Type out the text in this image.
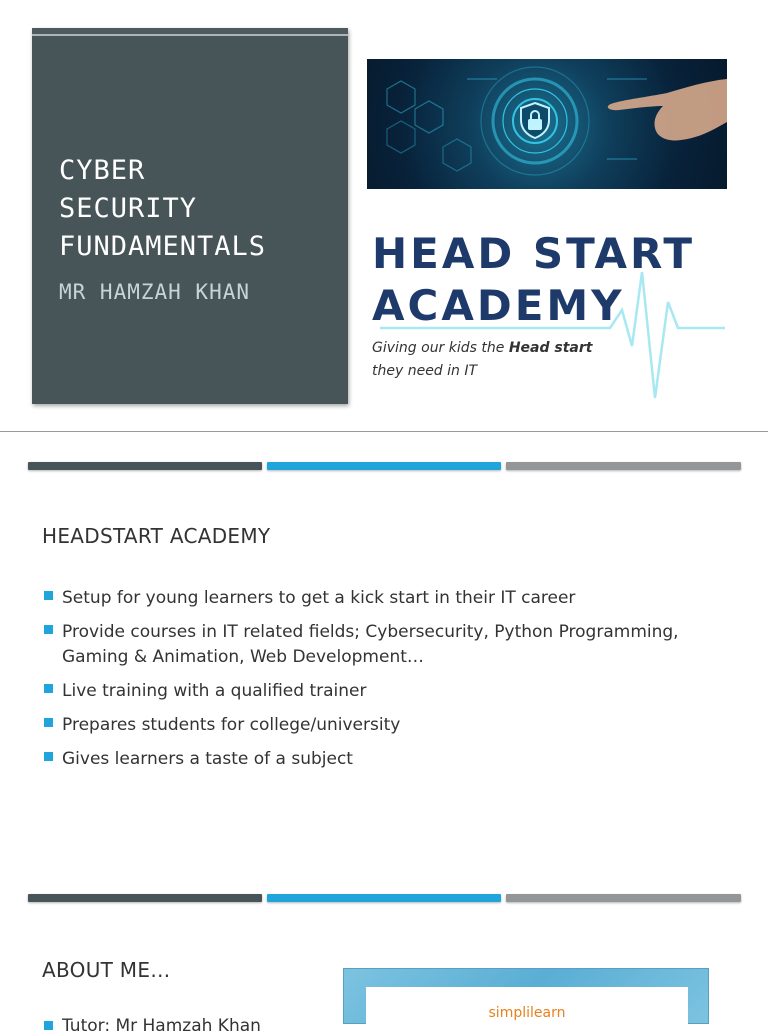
CYBER
SECURITY
FUNDAMENTALS
MR HAMZAH KHAN
HEAD START
ACADEMY
Giving our kids the Head start
they need in IT
HEADSTART ACADEMY
Setup for young learners to get a kick start in their IT career
Provide courses in IT related fields; Cybersecurity, Python Programming, Gaming & Animation, Web Development…
Live training with a qualified trainer
Prepares students for college/university
Gives learners a taste of a subject
ABOUT ME…
simplilearn
Tutor: Mr Hamzah Khan
